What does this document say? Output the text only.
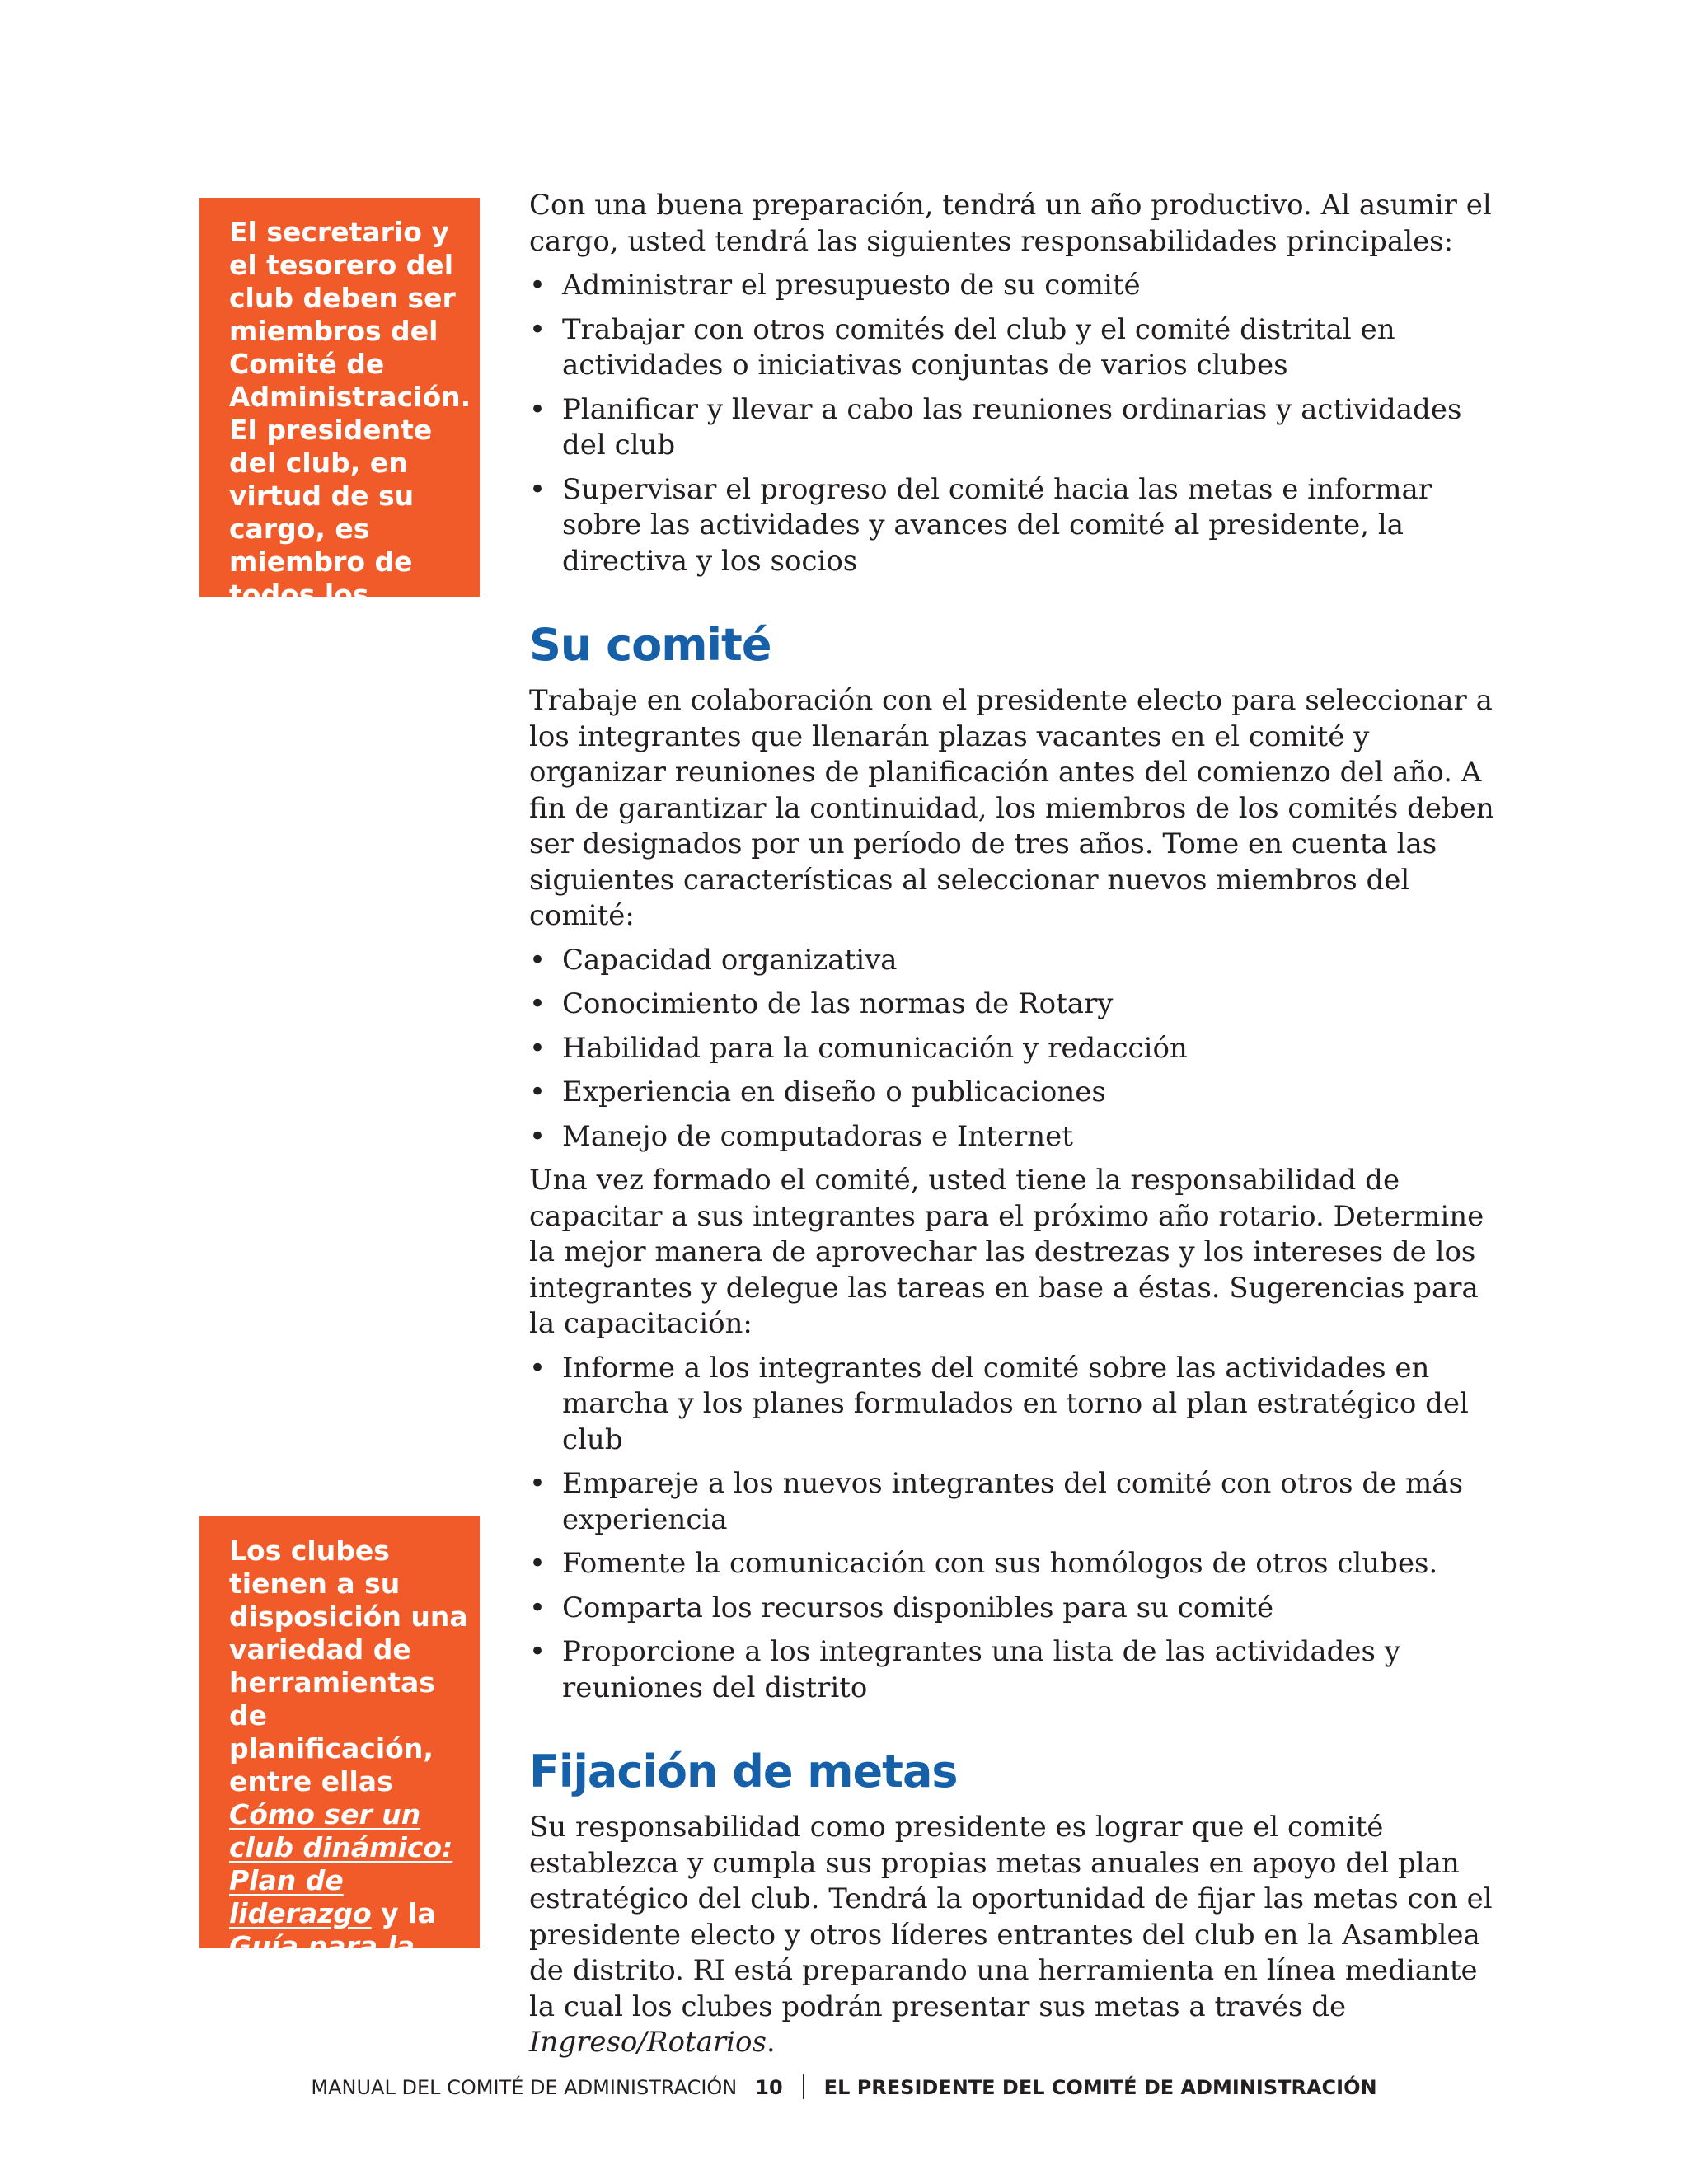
El secretario y el tesorero del club deben ser miembros del Comité de Administración. El presidente del club, en virtud de su cargo, es miembro de todos los comités.
Los clubes tienen a su disposición una variedad de herramientas de planificación, entre ellas Cómo ser un club dinámico: Plan de liderazgo y la Guía para la planificación estratégica.

Con una buena preparación, tendrá un año productivo. Al asumir el cargo, usted tendrá las siguientes responsabilidades principales:

• Administrar el presupuesto de su comité
• Trabajar con otros comités del club y el comité distrital en actividades o iniciativas conjuntas de varios clubes
• Planificar y llevar a cabo las reuniones ordinarias y actividades del club
• Supervisar el progreso del comité hacia las metas e informar sobre las actividades y avances del comité al presidente, la directiva y los socios
Su comité

Trabaje en colaboración con el presidente electo para seleccionar a los integrantes que llenarán plazas vacantes en el comité y organizar reuniones de planificación antes del comienzo del año. A fin de garantizar la continuidad, los miembros de los comités deben ser designados por un período de tres años. Tome en cuenta las siguientes características al seleccionar nuevos miembros del comité:

• Capacidad organizativa
• Conocimiento de las normas de Rotary
• Habilidad para la comunicación y redacción
• Experiencia en diseño o publicaciones
• Manejo de computadoras e Internet

Una vez formado el comité, usted tiene la responsabilidad de capacitar a sus integrantes para el próximo año rotario. Determine la mejor manera de aprovechar las destrezas y los intereses de los integrantes y delegue las tareas en base a éstas. Sugerencias para la capacitación:

• Informe a los integrantes del comité sobre las actividades en marcha y los planes formulados en torno al plan estratégico del club
• Empareje a los nuevos integrantes del comité con otros de más experiencia
• Fomente la comunicación con sus homólogos de otros clubes.
• Comparta los recursos disponibles para su comité
• Proporcione a los integrantes una lista de las actividades y reuniones del distrito
Fijación de metas

Su responsabilidad como presidente es lograr que el comité establezca y cumpla sus propias metas anuales en apoyo del plan estratégico del club. Tendrá la oportunidad de fijar las metas con el presidente electo y otros líderes entrantes del club en la Asamblea de distrito. RI está preparando una herramienta en línea mediante la cual los clubes podrán presentar sus metas a través de Ingreso/Rotarios.

MANUAL DEL COMITÉ DE ADMINISTRACIÓN 10 EL PRESIDENTE DEL COMITÉ DE ADMINISTRACIÓN
